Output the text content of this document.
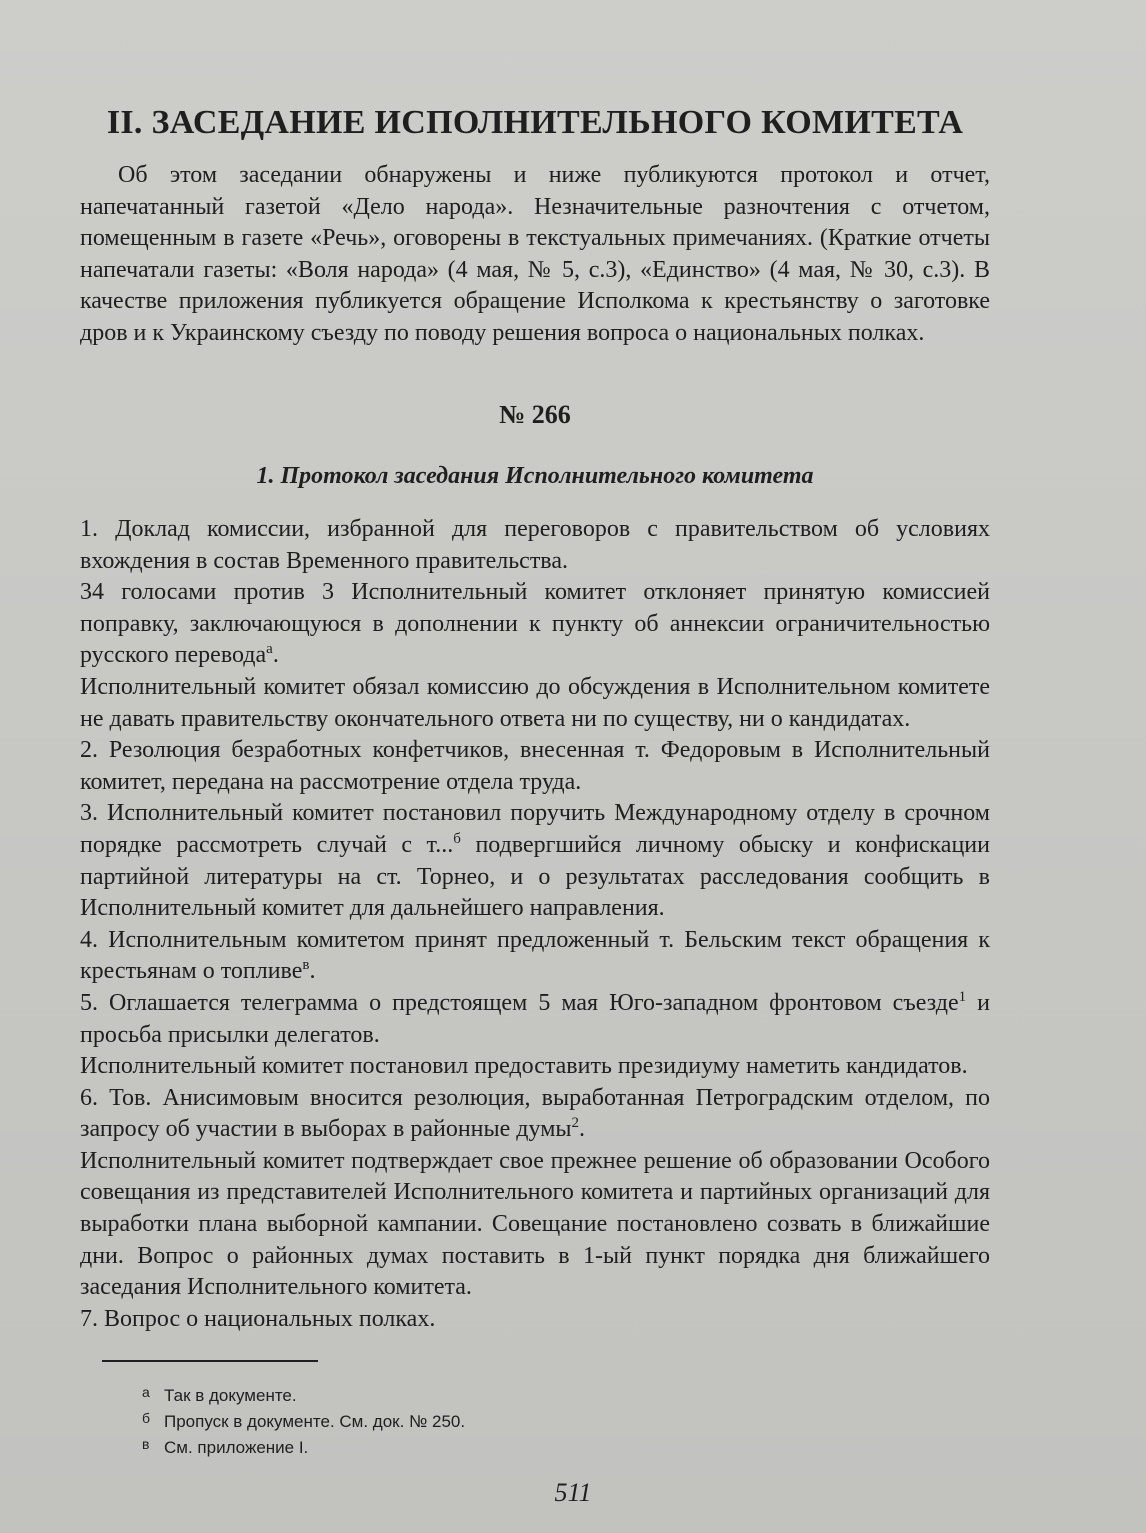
II. ЗАСЕДАНИЕ ИСПОЛНИТЕЛЬНОГО КОМИТЕТА

Об этом заседании обнаружены и ниже публикуются протокол и отчет, напечатанный газетой «Дело народа». Незначительные разночтения с отчетом, помещенным в газете «Речь», оговорены в текстуальных примечаниях. (Краткие отчеты напечатали газеты: «Воля народа» (4 мая, № 5, с.3), «Единство» (4 мая, № 30, с.3). В качестве приложения публикуется обращение Исполкома к крестьянству о заготовке дров и к Украинскому съезду по поводу решения вопроса о национальных полках.

№ 266
1. Протокол заседания Исполнительного комитета

1. Доклад комиссии, избранной для переговоров с правительством об условиях вхождения в состав Временного правительства.

34 голосами против 3 Исполнительный комитет отклоняет принятую комиссией поправку, заключающуюся в дополнении к пункту об аннексии ограничительностью русского перевода$^а$.

Исполнительный комитет обязал комиссию до обсуждения в Исполнительном комитете не давать правительству окончательного ответа ни по существу, ни о кандидатах.

2. Резолюция безработных конфетчиков, внесенная т. Федоровым в Исполнительный комитет, передана на рассмотрение отдела труда.

3. Исполнительный комитет постановил поручить Международному отделу в срочном порядке рассмотреть случай с т...$^б$ подвергшийся личному обыску и конфискации партийной литературы на ст. Торнео, и о результатах расследования сообщить в Исполнительный комитет для дальнейшего направления.

4. Исполнительным комитетом принят предложенный т. Бельским текст обращения к крестьянам о топливе$^в$.

5. Оглашается телеграмма о предстоящем 5 мая Юго-западном фронтовом съезде$^1$ и просьба присылки делегатов.

Исполнительный комитет постановил предоставить президиуму наметить кандидатов.

6. Тов. Анисимовым вносится резолюция, выработанная Петроградским отделом, по запросу об участии в выборах в районные думы$^2$.

Исполнительный комитет подтверждает свое прежнее решение об образовании Особого совещания из представителей Исполнительного комитета и партийных организаций для выработки плана выборной кампании. Совещание постановлено созвать в ближайшие дни. Вопрос о районных думах поставить в 1-ый пункт порядка дня ближайшего заседания Исполнительного комитета.

7. Вопрос о национальных полках.

а Так в документе.
б Пропуск в документе. См. док. № 250.
в См. приложение I.
511
